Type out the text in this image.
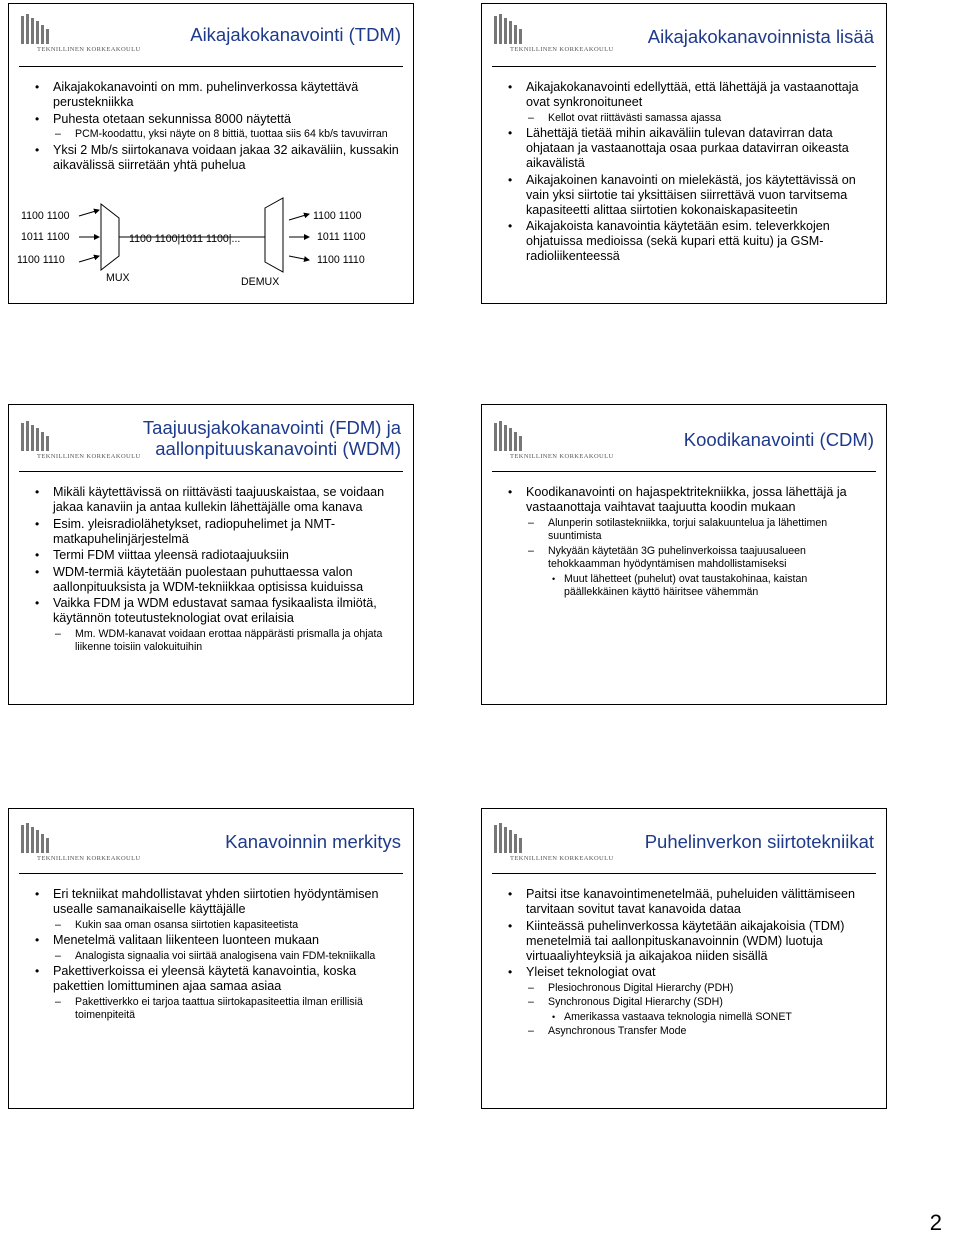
TEKNILLINEN KORKEAKOULU
Aikajakokanavointi (TDM)
• Aikajakokanavointi on mm. puhelinverkossa käytettävä perustekniikka
• Puhesta otetaan sekunnissa 8000 näytettä
– PCM-koodattu, yksi näyte on 8 bittiä, tuottaa siis 64 kb/s tavuvirran
• Yksi 2 Mb/s siirtokanava voidaan jakaa 32 aikaväliin, kussakin aikavälissä siirretään yhtä puhelua
1100 1100
1011 1100
1100 1110
1100 1100|1011 1100|...
1100 1100
1011 1100
1100 1110
MUX	DEMUX
TEKNILLINEN KORKEAKOULU
Aikajakokanavoinnista lisää
• Aikajakokanavointi edellyttää, että lähettäjä ja vastaanottaja ovat synkronoituneet
– Kellot ovat riittävästi samassa ajassa
• Lähettäjä tietää mihin aikaväliin tulevan datavirran data ohjataan ja vastaanottaja osaa purkaa datavirran oikeasta aikavälistä
• Aikajakoinen kanavointi on mielekästä, jos käytettävissä on vain yksi siirtotie tai yksittäisen siirrettävä vuon tarvitsema kapasiteetti alittaa siirtotien kokonaiskapasiteetin
• Aikajakoista kanavointia käytetään esim. televerkkojen ohjatuissa medioissa (sekä kupari että kuitu) ja GSM-radioliikenteessä
TEKNILLINEN KORKEAKOULU
Taajuusjakokanavointi (FDM) ja aallonpituuskanavointi (WDM)
• Mikäli käytettävissä on riittävästi taajuuskaistaa, se voidaan jakaa kanaviin ja antaa kullekin lähettäjälle oma kanava
• Esim. yleisradiolähetykset, radiopuhelimet ja NMT-matkapuhelinjärjestelmä
• Termi FDM viittaa yleensä radiotaajuuksiin
• WDM-termiä käytetään puolestaan puhuttaessa valon aallonpituuksista ja WDM-tekniikkaa optisissa kuiduissa
• Vaikka FDM ja WDM edustavat samaa fysikaalista ilmiötä, käytännön toteutusteknologiat ovat erilaisia
– Mm. WDM-kanavat voidaan erottaa näppärästi prismalla ja ohjata liikenne toisiin valokuituihin
TEKNILLINEN KORKEAKOULU
Koodikanavointi (CDM)
• Koodikanavointi on hajaspektritekniikka, jossa lähettäjä ja vastaanottaja vaihtavat taajuutta koodin mukaan
– Alunperin sotilastekniikka, torjui salakuuntelua ja lähettimen suuntimista
– Nykyään käytetään 3G puhelinverkoissa taajuusalueen tehokkaamman hyödyntämisen mahdollistamiseksi
• Muut lähetteet (puhelut) ovat taustakohinaa, kaistan päällekkäinen käyttö häiritsee vähemmän
TEKNILLINEN KORKEAKOULU
Kanavoinnin merkitys
• Eri tekniikat mahdollistavat yhden siirtotien hyödyntämisen usealle samanaikaiselle käyttäjälle
– Kukin saa oman osansa siirtotien kapasiteetista
• Menetelmä valitaan liikenteen luonteen mukaan
– Analogista signaalia voi siirtää analogisena vain FDM-tekniikalla
• Pakettiverkoissa ei yleensä käytetä kanavointia, koska pakettien lomittuminen ajaa samaa asiaa
– Pakettiverkko ei tarjoa taattua siirtokapasiteettia ilman erillisiä toimenpiteitä
TEKNILLINEN KORKEAKOULU
Puhelinverkon siirtotekniikat
• Paitsi itse kanavointimenetelmää, puheluiden välittämiseen tarvitaan sovitut tavat kanavoida dataa
• Kiinteässä puhelinverkossa käytetään aikajakoisia (TDM) menetelmiä tai aallonpituskanavoinnin (WDM) luotuja virtuaaliyhteyksiä ja aikajakoa niiden sisällä
• Yleiset teknologiat ovat
– Plesiochronous Digital Hierarchy (PDH)
– Synchronous Digital Hierarchy (SDH)
• Amerikassa vastaava teknologia nimellä SONET
– Asynchronous Transfer Mode
2
